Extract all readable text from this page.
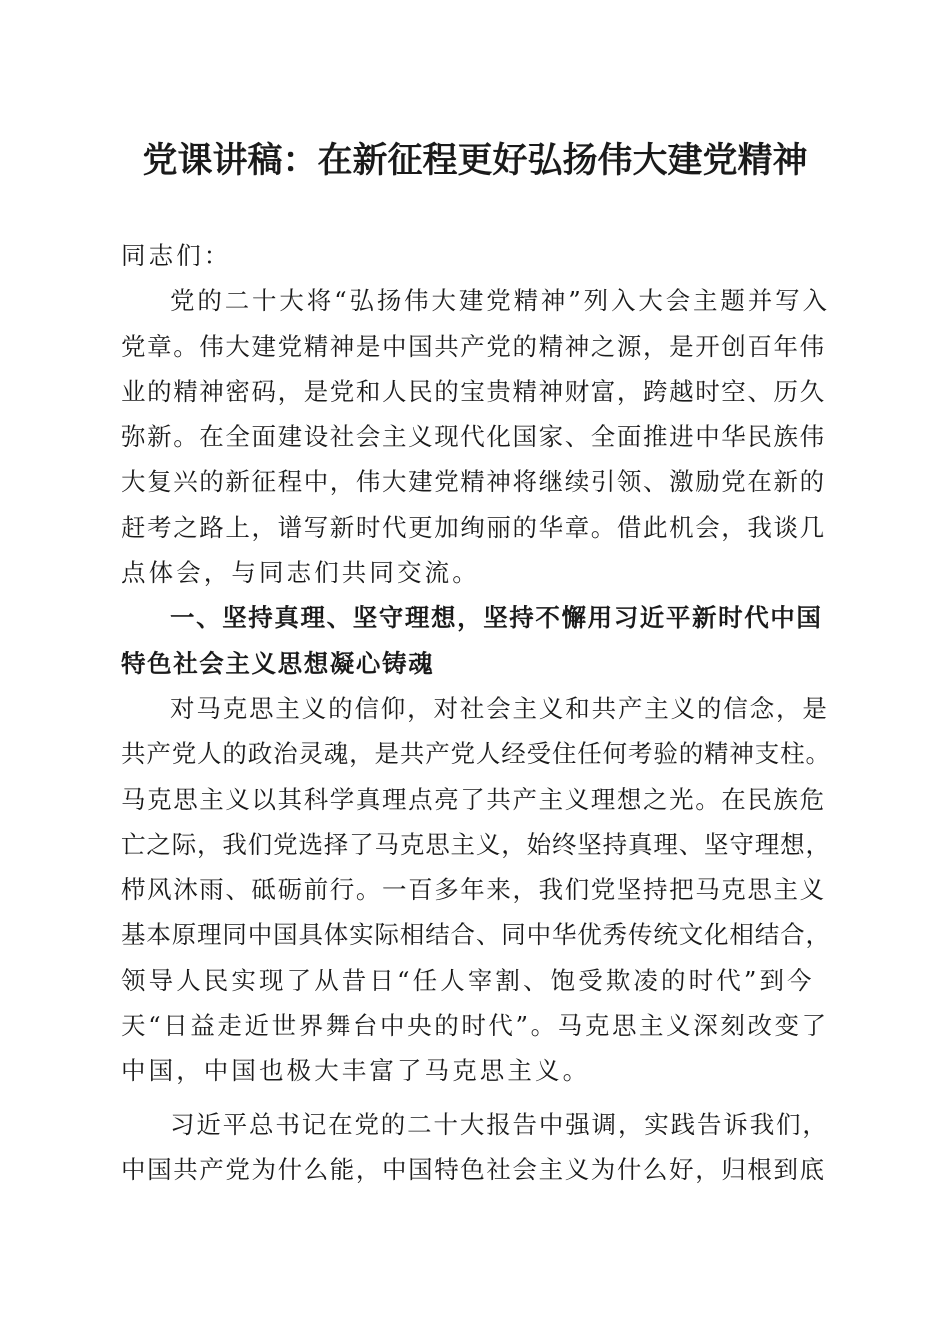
党课讲稿：在新征程更好弘扬伟大建党精神
同志们：
党的二十大将“弘扬伟大建党精神”列入大会主题并写入
党章。伟大建党精神是中国共产党的精神之源，是开创百年伟
业的精神密码，是党和人民的宝贵精神财富，跨越时空、历久
弥新。在全面建设社会主义现代化国家、全面推进中华民族伟
大复兴的新征程中，伟大建党精神将继续引领、激励党在新的
赶考之路上，谱写新时代更加绚丽的华章。借此机会，我谈几
点体会，与同志们共同交流。
一、坚持真理、坚守理想，坚持不懈用习近平新时代中国
特色社会主义思想凝心铸魂
对马克思主义的信仰，对社会主义和共产主义的信念，是
共产党人的政治灵魂，是共产党人经受住任何考验的精神支柱。
马克思主义以其科学真理点亮了共产主义理想之光。在民族危
亡之际，我们党选择了马克思主义，始终坚持真理、坚守理想，
栉风沐雨、砥砺前行。一百多年来，我们党坚持把马克思主义
基本原理同中国具体实际相结合、同中华优秀传统文化相结合，
领导人民实现了从昔日“任人宰割、饱受欺凌的时代”到今
天“日益走近世界舞台中央的时代”。马克思主义深刻改变了
中国，中国也极大丰富了马克思主义。
习近平总书记在党的二十大报告中强调，实践告诉我们，
中国共产党为什么能，中国特色社会主义为什么好，归根到底
